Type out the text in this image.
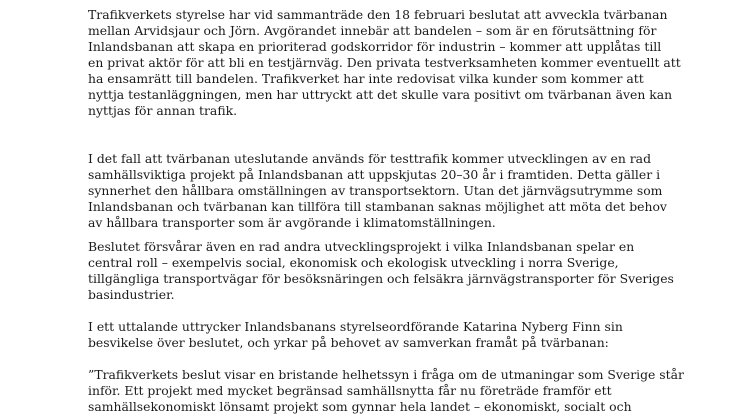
Trafikverkets styrelse har vid sammanträde den 18 februari beslutat att avveckla tvärbanan
mellan Arvidsjaur och Jörn. Avgörandet innebär att bandelen – som är en förutsättning för
Inlandsbanan att skapa en prioriterad godskorridor för industrin – kommer att upplåtas till
en privat aktör för att bli en testjärnväg. Den privata testverksamheten kommer eventuellt att
ha ensamrätt till bandelen. Trafikverket har inte redovisat vilka kunder som kommer att
nyttja testanläggningen, men har uttryckt att det skulle vara positivt om tvärbanan även kan
nyttjas för annan trafik.
I det fall att tvärbanan uteslutande används för testtrafik kommer utvecklingen av en rad
samhällsviktiga projekt på Inlandsbanan att uppskjutas 20–30 år i framtiden. Detta gäller i
synnerhet den hållbara omställningen av transportsektorn. Utan det järnvägsutrymme som
Inlandsbanan och tvärbanan kan tillföra till stambanan saknas möjlighet att möta det behov
av hållbara transporter som är avgörande i klimatomställningen.
Beslutet försvårar även en rad andra utvecklingsprojekt i vilka Inlandsbanan spelar en
central roll – exempelvis social, ekonomisk och ekologisk utveckling i norra Sverige,
tillgängliga transportvägar för besöksnäringen och felsäkra järnvägstransporter för Sveriges
basindustrier.
I ett uttalande uttrycker Inlandsbanans styrelseordförande Katarina Nyberg Finn sin
besvikelse över beslutet, och yrkar på behovet av samverkan framåt på tvärbanan:
”Trafikverkets beslut visar en bristande helhetssyn i fråga om de utmaningar som Sverige står
inför. Ett projekt med mycket begränsad samhällsnytta får nu företräde framför ett
samhällsekonomiskt lönsamt projekt som gynnar hela landet – ekonomiskt, socialt och
